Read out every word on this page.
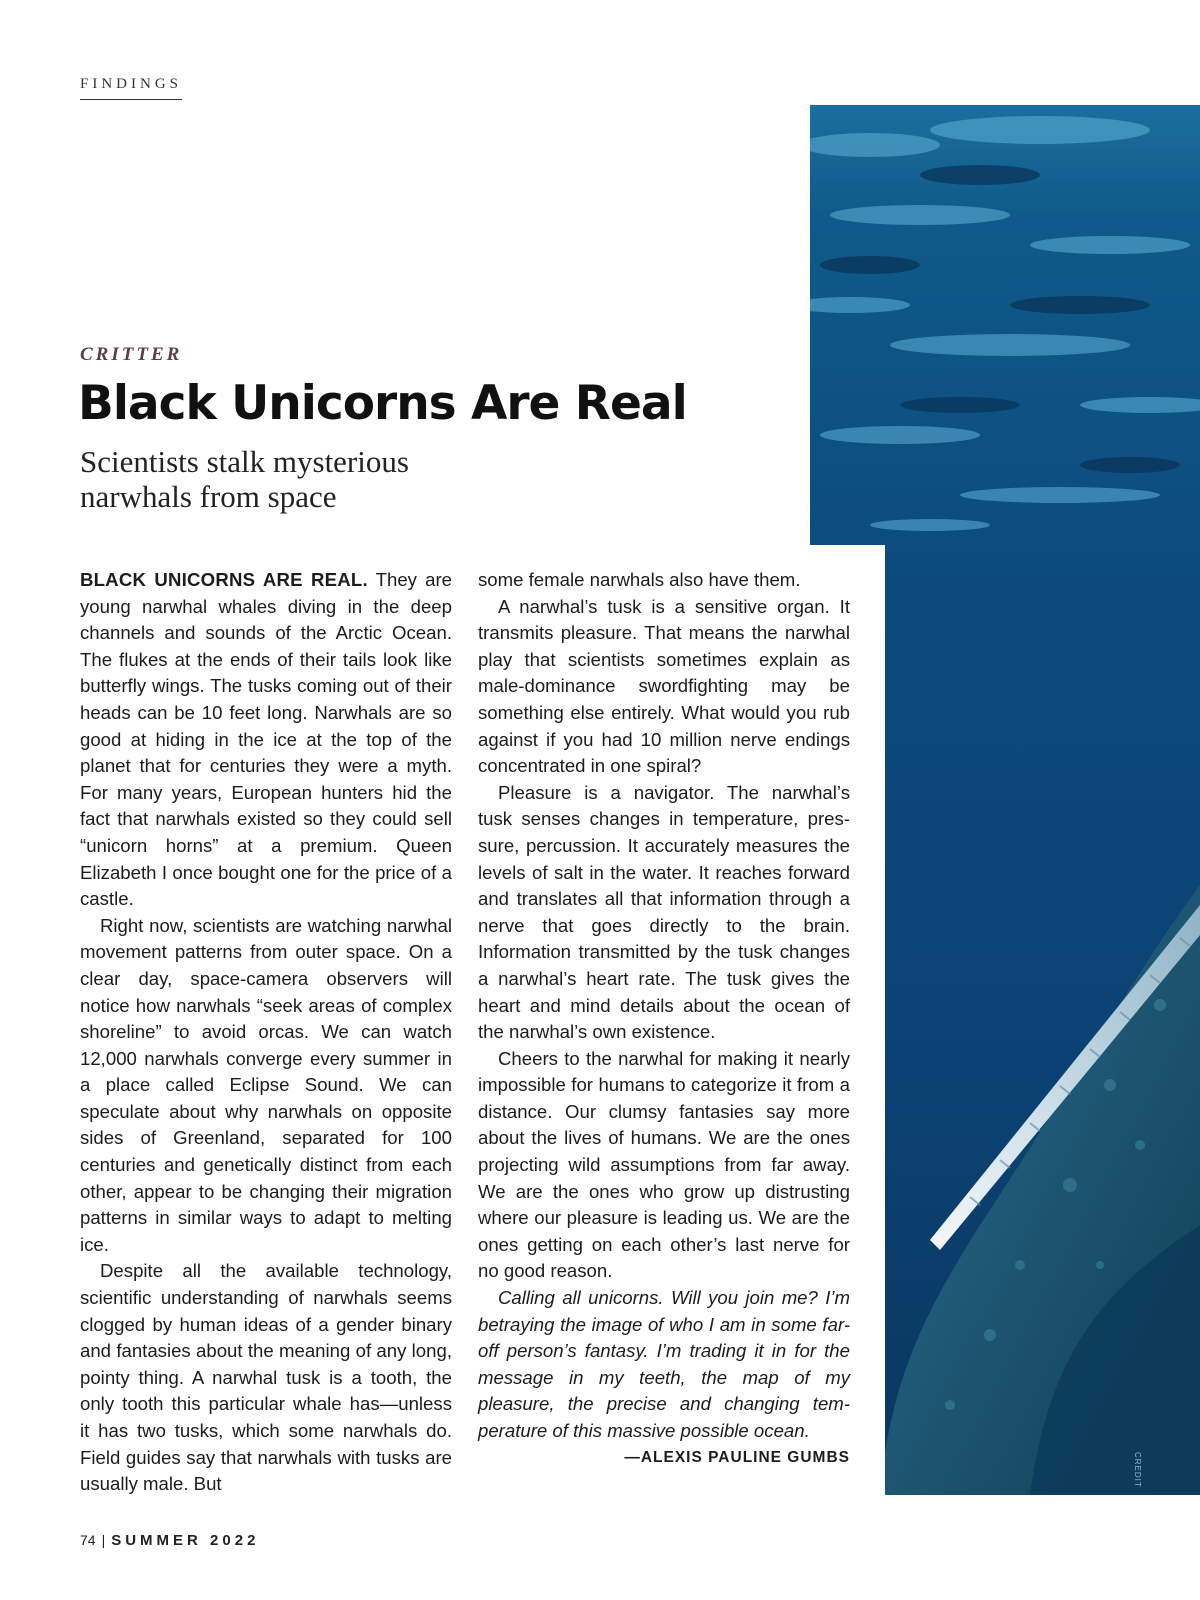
FINDINGS
CREDIT
CRITTER
Black Unicorns Are Real

Scientists stalk mysterious narwhals from space

BLACK UNICORNS ARE REAL. They are young narwhal whales diving in the deep channels and sounds of the Arctic Ocean. The flukes at the ends of their tails look like butterfly wings. The tusks coming out of their heads can be 10 feet long. Narwhals are so good at hiding in the ice at the top of the planet that for centuries they were a myth. For many years, European hunters hid the fact that narwhals existed so they could sell “unicorn horns” at a premium. Queen Elizabeth I once bought one for the price of a castle.

Right now, scientists are watching narwhal movement patterns from outer space. On a clear day, space-camera observers will notice how narwhals “seek areas of complex shoreline” to avoid orcas. We can watch 12,000 narwhals converge every summer in a place called Eclipse Sound. We can speculate about why narwhals on opposite sides of Greenland, separated for 100 centuries and genetically distinct from each other, appear to be changing their migration patterns in similar ways to adapt to melting ice.

Despite all the available technology, scientific understanding of narwhals seems clogged by human ideas of a gender binary and fantasies about the meaning of any long, pointy thing. A narwhal tusk is a tooth, the only tooth this particular whale has—unless it has two tusks, which some narwhals do. Field guides say that narwhals with tusks are usually male. But

some female narwhals also have them.

A narwhal’s tusk is a sensitive organ. It transmits pleasure. That means the narwhal play that scientists sometimes explain as male-dominance swordfighting may be something else entirely. What would you rub against if you had 10 million nerve endings concentrated in one spiral?

Pleasure is a navigator. The narwhal’s tusk senses changes in temperature, pressure, percussion. It accurately measures the levels of salt in the water. It reaches forward and translates all that information through a nerve that goes directly to the brain. Information transmitted by the tusk changes a narwhal’s heart rate. The tusk gives the heart and mind details about the ocean of the narwhal’s own existence.

Cheers to the narwhal for making it nearly impossible for humans to categorize it from a distance. Our clumsy fantasies say more about the lives of humans. We are the ones projecting wild assumptions from far away. We are the ones who grow up distrusting where our pleasure is leading us. We are the ones getting on each other’s last nerve for no good reason.

Calling all unicorns. Will you join me? I’m betraying the image of who I am in some far-off person’s fantasy. I’m trading it in for the message in my teeth, the map of my pleasure, the precise and changing temperature of this massive possible ocean.

—ALEXIS PAULINE GUMBS
74 | SUMMER 2022
